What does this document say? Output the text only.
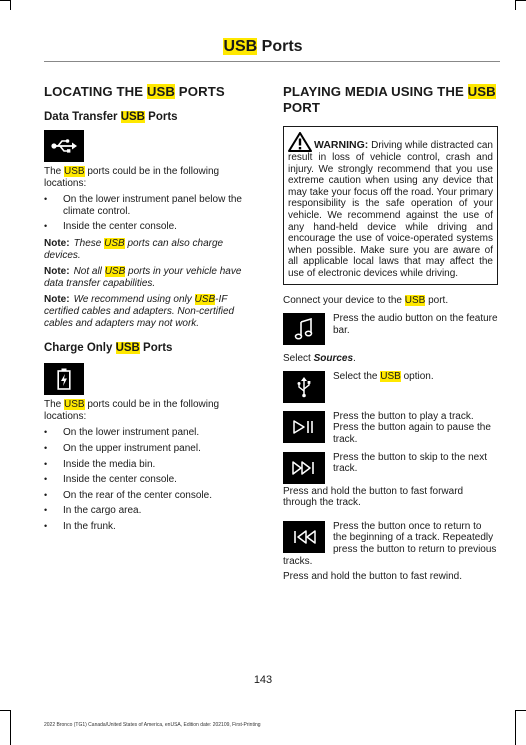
USB Ports
LOCATING THE USB PORTS
Data Transfer USB Ports

The USB ports could be in the following locations:

• On the lower instrument panel below the climate control.
• Inside the center console.

Note: These USB ports can also charge devices.

Note: Not all USB ports in your vehicle have data transfer capabilities.

Note: We recommend using only USB-IF certified cables and adapters. Non-certified cables and adapters may not work.

Charge Only USB Ports

The USB ports could be in the following locations:

• On the lower instrument panel.
• On the upper instrument panel.
• Inside the media bin.
• Inside the center console.
• On the rear of the center console.
• In the cargo area.
• In the frunk.
PLAYING MEDIA USING THE USB PORT

WARNING: Driving while distracted can result in loss of vehicle control, crash and injury. We strongly recommend that you use extreme caution when using any device that may take your focus off the road. Your primary responsibility is the safe operation of your vehicle. We recommend against the use of any hand-held device while driving and encourage the use of voice-operated systems when possible. Make sure you are aware of all applicable local laws that may affect the use of electronic devices while driving.

Connect your device to the USB port.

Press the audio button on the feature bar.

Select Sources.

Select the USB option.

Press the button to play a track. Press the button again to pause the track.

Press the button to skip to the next track.

Press and hold the button to fast forward through the track.

Press the button once to return to the beginning of a track. Repeatedly press the button to return to previous tracks.

Press and hold the button to fast rewind.

143
2022 Bronco (TG1) Canada/United States of America, enUSA, Edition date: 202109, First-Printing
